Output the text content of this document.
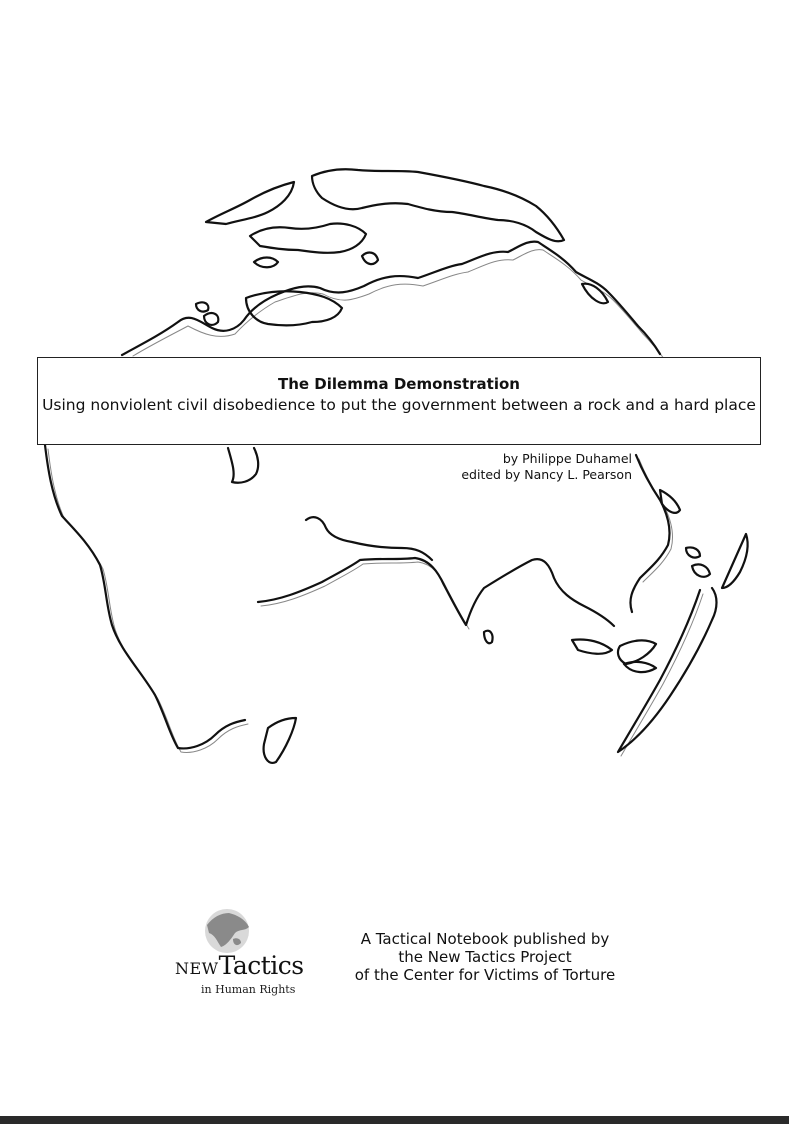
The Dilemma Demonstration
Using nonviolent civil disobedience to put the government between a rock and a hard place
by Philippe Duhamel
edited by Nancy L. Pearson
NEWTactics
in Human Rights
A Tactical Notebook published by
the New Tactics Project
of the Center for Victims of Torture
